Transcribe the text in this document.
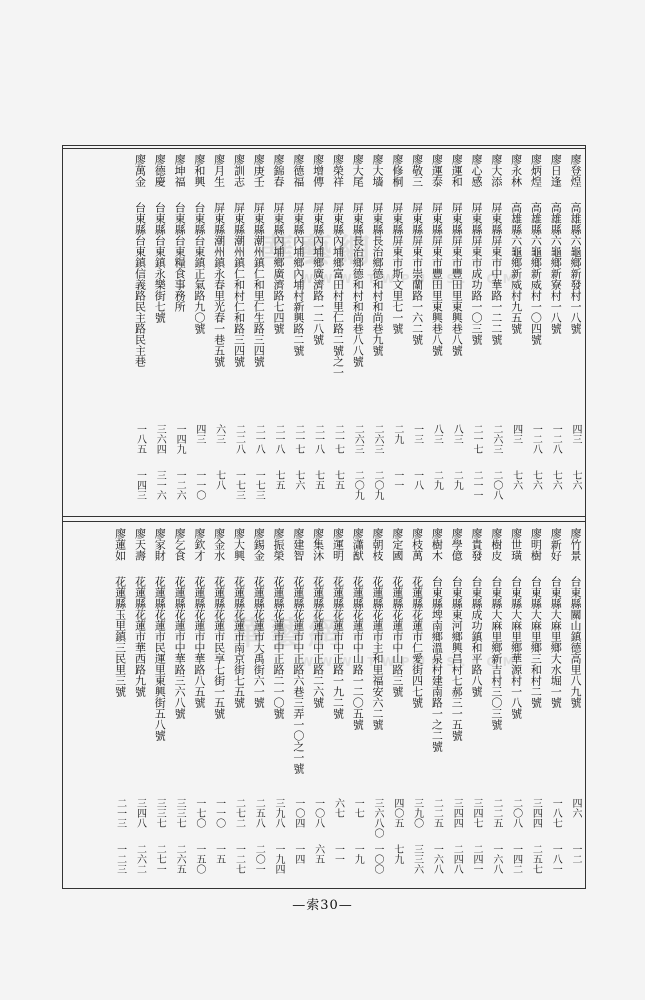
華藝網
WWW.TWPUBS.COM
華藝網
WWW.TWPUBS.COM
廖登煌
高雄縣六龜鄉新發村一八號
四三
七六
廖日逢
高雄縣六龜鄉新寮村一八號
一二八
七六
廖炳煌
高雄縣六龜鄉新威村一〇四號
一二八
七六
廖永林
高雄縣六龜鄉新威村九五號
四三
七六
廖大添
屏東縣屏東市中華路一二二號
二六三
二〇八
廖心感
屏東縣屏東市成功路一〇三號
二一七
二一一
廖運和
屏東縣屏東市豐田里東興巷八號
八三
二九
廖運泰
屏東縣屏東市豐田里東興巷八號
八三
二九
廖敬三
屏東縣屏東市崇蘭路一六二號
一三
一八
廖修桐
屏東縣屏東市斯文里七一號
二九
一一
廖大墻
屏東縣長治鄉德和村和尚巷九號
二六三
二〇九
廖大尾
屏東縣長治鄉德和村和尚巷八八號
二六三
二〇九
廖榮祥
屏東縣內埔鄉富田村里仁路二號之一
二一七
七五
廖增傳
屏東縣內埔鄉廣濟路一二八號
二一八
七五
廖德福
屏東縣內埔鄉內埔村新興路二號
二一七
七六
廖錦春
屏東縣內埔鄉廣濟路七四號
二一八
七五
廖庚壬
屏東縣潮州鎮仁和里仁生路三四號
二一八
一七三
廖訓志
屏東縣潮州鎮仁和村仁和路三四號
二二八
一七三
廖月生
屏東縣潮州鎮永春里光春一巷五號
六三
七八
廖和興
台東縣台東鎮正氣路九〇號
四三
一一〇
廖坤福
台東縣台東糧食事務所
一四九
一二六
廖德慶
台東縣台東鎮永樂街七號
三六四
三一六
廖萬金
台東縣台東鎮信義路民主路民主巷
一八五
一四三
廖竹景
台東縣關山鎮德高里八九號
四六
一二
廖新好
台東縣大麻里鄉大水堀一號
一八七
一八一
廖明樹
台東縣大麻里鄉三和村二號
三四四
二五七
廖世璜
台東縣大麻里鄉華源村一八號
二〇八
一四二
廖樹皮
台東縣大麻里鄉新吉村三〇三號
二二五
一六八
廖貴發
台東縣成功鎮和平路八號
三四七
二四一
廖學億
台東縣東河鄉興昌村七郝三一五號
三四四
二四八
廖樹木
台東縣埤南鄉溫泉村建南路一之二號
二二五
一六八
廖枝萬
花蓮縣花蓮市仁愛街四七號
三九〇
三三六
廖定國
花蓮縣花蓮市中山路三號
四〇五
七九
廖朝枝
花蓮縣花蓮市主和里福安六二號
三六八〇
一〇〇
廖瀟猷
花蓮縣花蓮市中山路一二〇五號
一七
一九
廖運明
花蓮縣花蓮市中正路一九二號
六七
一一
廖集沐
花蓮縣花蓮市中正路二六號
一〇八
六五
廖建智
花蓮縣花蓮市中正路六巷三弄一〇之一號
一〇四
一四
廖振榮
花蓮縣花蓮市中正路二一〇號
三九八
一九四
廖錫金
花蓮縣花蓮市大禹街六一號
二五八
二〇一
廖大興
花蓮縣花蓮市南京街七五號
二七二
一二七
廖金水
花蓮縣花蓮市民享七街一五號
一一〇
一五
廖欽才
花蓮縣花蓮市中華路八五號
一七〇
一五〇
廖乞食
花蓮縣花蓮市中華路三六八號
三三七
二六五
廖家財
花蓮縣花蓮市民運里東興街五八號
三三七
二七一
廖天壽
花蓮縣花蓮市華西路九號
三四八
二六二
廖蓮如
花蓮縣玉里鎮三民里三號
二一三
一二三
—索30—
